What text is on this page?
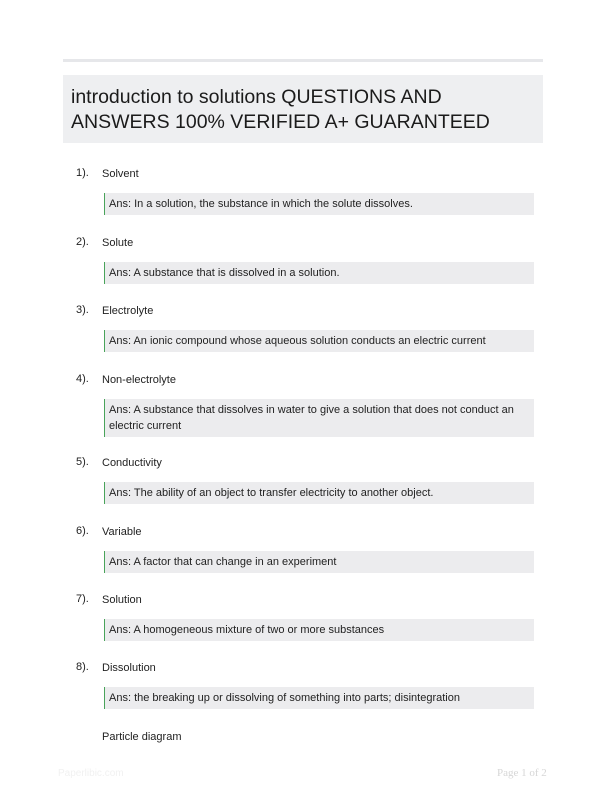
introduction to solutions QUESTIONS AND ANSWERS 100% VERIFIED A+ GUARANTEED
1). Solvent
Ans: In a solution, the substance in which the solute dissolves.
2). Solute
Ans: A substance that is dissolved in a solution.
3). Electrolyte
Ans: An ionic compound whose aqueous solution conducts an electric current
4). Non-electrolyte
Ans: A substance that dissolves in water to give a solution that does not conduct an electric current
5). Conductivity
Ans: The ability of an object to transfer electricity to another object.
6). Variable
Ans: A factor that can change in an experiment
7). Solution
Ans: A homogeneous mixture of two or more substances
8). Dissolution
Ans: the breaking up or dissolving of something into parts; disintegration
Particle diagram
Paperlibic.com	Page 1 of 2
